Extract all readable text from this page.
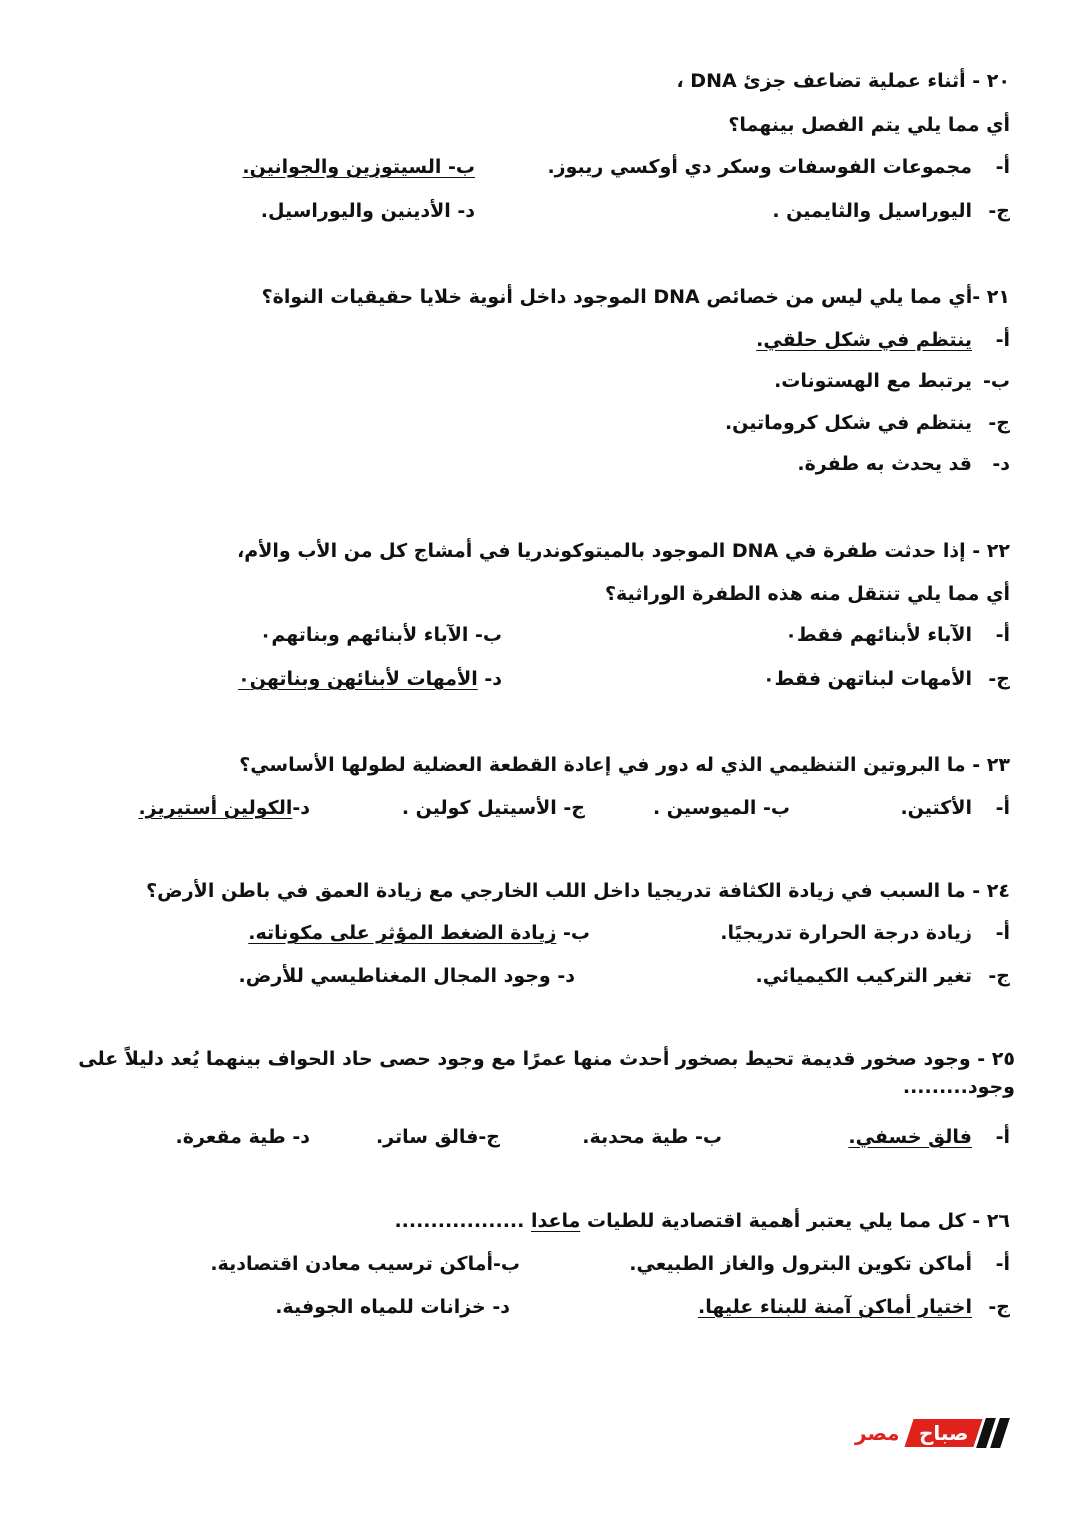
٢٠ - أثناء عملية تضاعف جزئ DNA ،
أي مما يلي يتم الفصل بينهما؟
أ-مجموعات الفوسفات وسكر دي أوكسي ريبوز.
ب- السيتوزين والجوانين.
ج-اليوراسيل والثايمين .
د- الأدينين واليوراسيل.
٢١ -أي مما يلي ليس من خصائص DNA الموجود داخل أنوية خلايا حقيقيات النواة؟
أ-ينتظم في شكل حلقي.
ب-يرتبط مع الهستونات.
ج-ينتظم في شكل كروماتين.
د-قد يحدث به طفرة.
٢٢ - إذا حدثت طفرة في DNA الموجود بالميتوكوندريا في أمشاج كل من الأب والأم،
أي مما يلي تنتقل منه هذه الطفرة الوراثية؟
أ-الآباء لأبنائهم فقط٠
ب- الآباء لأبنائهم وبناتهم٠
ج-الأمهات لبناتهن فقط٠
د- الأمهات لأبنائهن وبناتهن٠
٢٣ - ما البروتين التنظيمي الذي له دور في إعادة القطعة العضلية لطولها الأساسي؟
أ-الأكتين.
ب- الميوسين .
ج- الأسيتيل كولين .
د-الكولين أستيريز.
٢٤ - ما السبب في زيادة الكثافة تدريجيا داخل اللب الخارجي مع زيادة العمق في باطن الأرض؟
أ-زيادة درجة الحرارة تدريجيًا.
ب- زيادة الضغط المؤثر على مكوناته.
ج-تغير التركيب الكيميائي.
د- وجود المجال المغناطيسي للأرض.
٢٥ - وجود صخور قديمة تحيط بصخور أحدث منها عمرًا مع وجود حصى حاد الحواف بينهما يُعد دليلاً على وجود.........
أ-فالق خسفي.
ب- طية محدبة.
ج-فالق ساتر.
د- طية مقعرة.
٢٦ - كل مما يلي يعتبر أهمية اقتصادية للطيات ماعدا ..................
أ-أماكن تكوين البترول والغاز الطبيعي.
ب-أماكن ترسيب معادن اقتصادية.
ج-اختيار أماكن آمنة للبناء عليها.
د- خزانات للمياه الجوفية.
مصر صباح
